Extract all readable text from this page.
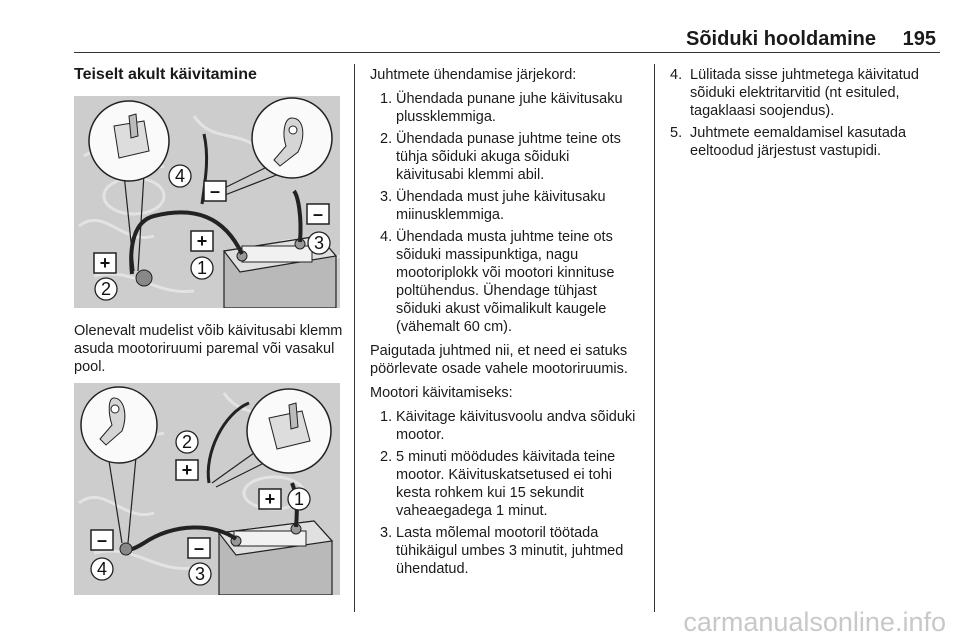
Sõiduki hooldamine 195
Teiselt akult käivitamine
4
–
–
3
+
1
+
2
Olenevalt mudelist võib käivitusabi klemm asuda mootoriruumi paremal või vasakul pool.
2
+
+ 1
–
4
–
3

Juhtmete ühendamise järjekord:

1. Ühendada punane juhe käivitusaku plussklemmiga.
2. Ühendada punase juhtme teine ots tühja sõiduki akuga sõiduki käivitusabi klemmi abil.
3. Ühendada must juhe käivitusaku miinusklemmiga.
4. Ühendada musta juhtme teine ots sõiduki massipunktiga, nagu mootoriplokk või mootori kinnituse poltühendus. Ühendage tühjast sõiduki akust võimalikult kaugele (vähemalt 60 cm).

Paigutada juhtmed nii, et need ei satuks pöörlevate osade vahele mootoriruumis.

Mootori käivitamiseks:

1. Käivitage käivitusvoolu andva sõiduki mootor.
2. 5 minuti möödudes käivitada teine mootor. Käivituskatsetused ei tohi kesta rohkem kui 15 sekundit vaheaegadega 1 minut.
3. Lasta mõlemal mootoril töötada tühikäigul umbes 3 minutit, juhtmed ühendatud.
4. Lülitada sisse juhtmetega käivitatud sõiduki elektritarvitid (nt esituled, tagaklaasi soojendus).
5. Juhtmete eemaldamisel kasutada eeltoodud järjestust vastupidi.
carmanualsonline.info
